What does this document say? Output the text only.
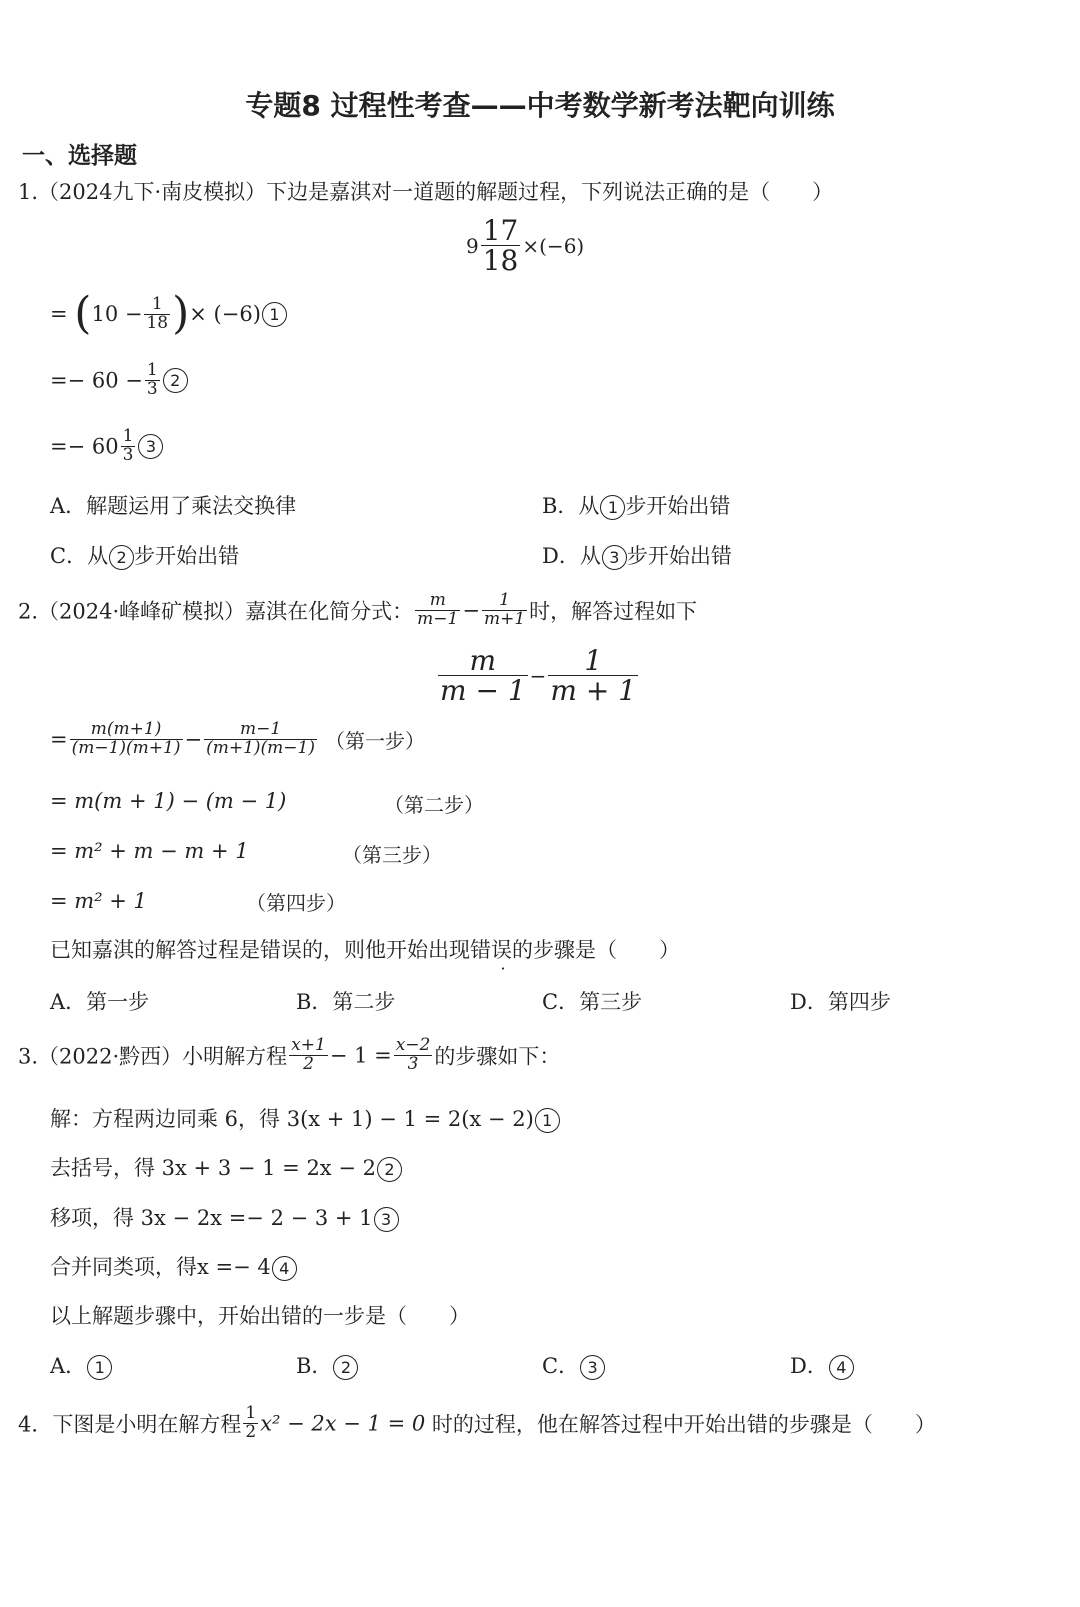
专题8 过程性考查——中考数学新考法靶向训练
一、选择题
1.（2024九下·南皮模拟）下边是嘉淇对一道题的解题过程，下列说法正确的是（　　）
$9 \frac{17}{18} \times(-6)$
= ($10 - \frac{1}{18}$ )× (−6) 1
=− $60 - \frac{1}{3} 2$
=− $60 \frac{1}{3} 3$
A．解题运用了乘法交换律	B．从 1 步开始出错
C．从 2 步开始出错	D．从 3 步开始出错
2.（2024·峰峰矿模拟）嘉淇在化简分式： $\frac{m}{m-1} - \frac{1}{m+1}$ 时，解答过程如下
$\frac{m}{m - 1} - \frac{1}{m + 1}$
= $\frac{m(m+1)}{(m-1)(m+1)} - \frac{m-1}{(m+1)(m-1)}$ （第一步）
= m(m + 1) − (m − 1)	（第二步）
= m² + m − m + 1	（第三步）
= m² + 1	（第四步）
已知嘉淇的解答过程是错误的，则他开始出现错误的步骤是（　　）
A．第一步	B．第二步	C．第三步	D．第四步
3.（2022·黔西）小明解方程 $\frac{x+1}{2} - 1 = \frac{x-2}{3}$ 的步骤如下：
解：方程两边同乘 6，得 3(x + 1) − 1 = 2(x − 2) 1
去括号，得 3x + 3 − 1 = 2x − 2 2
移项，得 3x − 2x =− 2 − 3 + 1 3
合并同类项，得x =− 4 4
以上解题步骤中，开始出错的一步是（　　）
A． 1	B． 2	C． 3	D． 4
4．下图是小明在解方程 $\frac{1}{2} x^2 - 2x - 1 = 0$ 时的过程，他在解答过程中开始出错的步骤是（　　）
